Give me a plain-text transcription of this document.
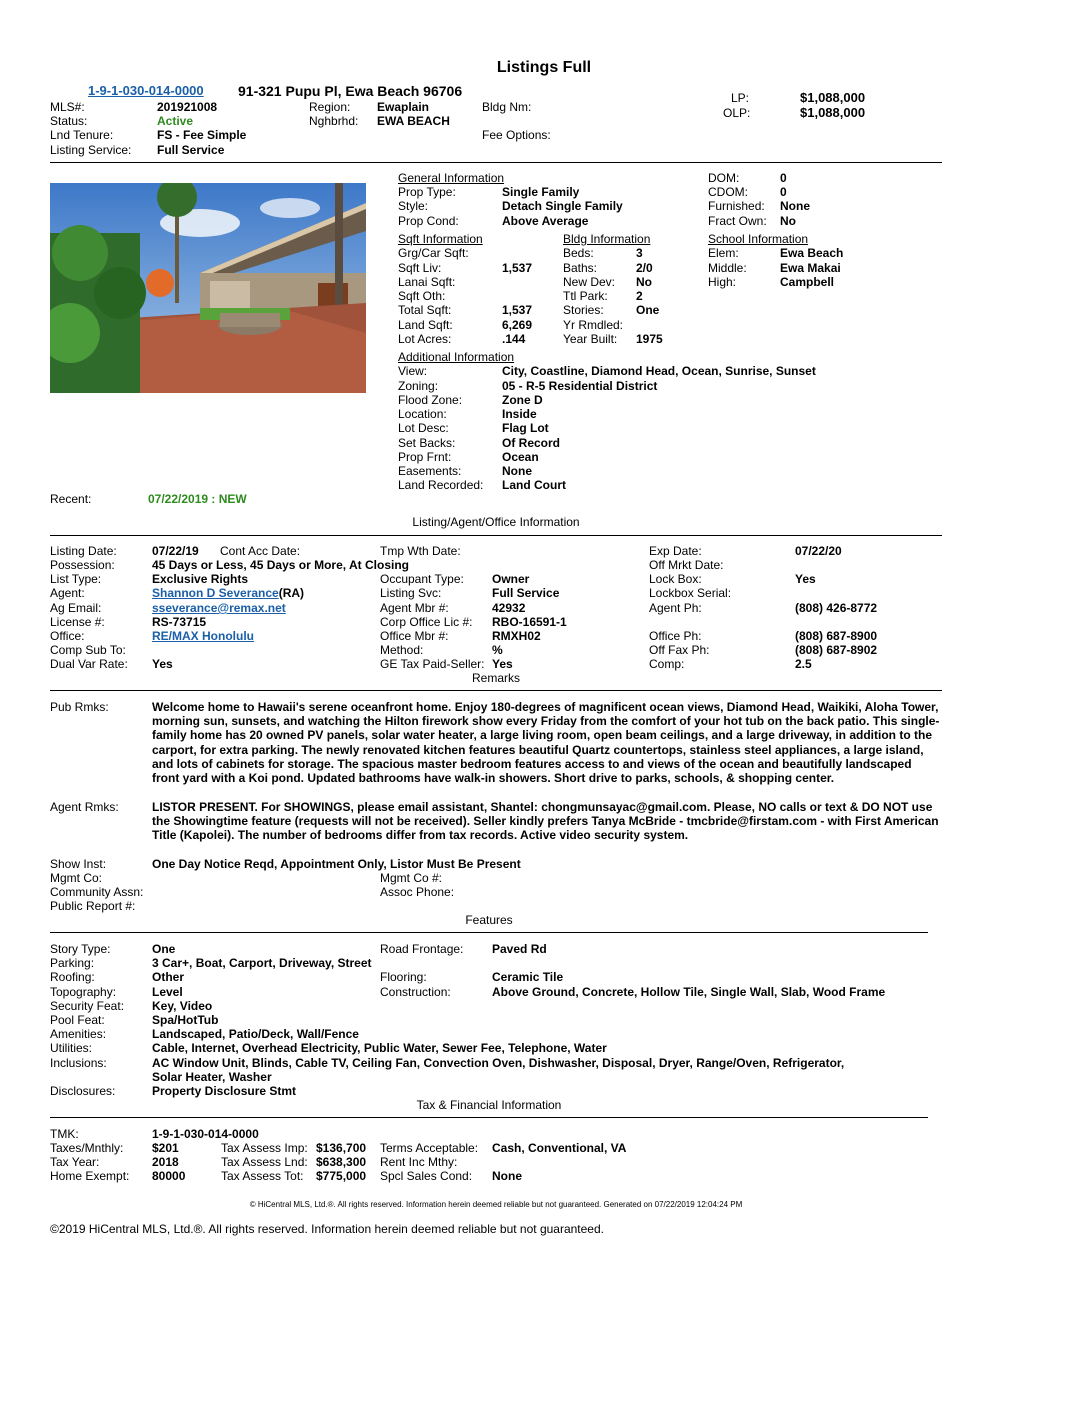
Listings Full
1-9-1-030-014-0000 91-321 Pupu Pl, Ewa Beach 96706
MLS#:	201921008
Status:	Active
Lnd Tenure:	FS - Fee Simple
Listing Service: Full Service
Region: Ewaplain
Nghbrhd: EWA BEACH
Bldg Nm:
Fee Options:
LP:	$1,088,000
OLP:	$1,088,000
General Information
Prop Type:	Single Family
Style:	Detach Single Family
Prop Cond:	Above Average
DOM:	0
CDOM:	0
Furnished: None
Fract Own: No
Sqft Information
Grg/Car Sqft:
Sqft Liv:	1,537
Lanai Sqft:
Sqft Oth:
Total Sqft:	1,537
Land Sqft:	6,269
Lot Acres:	.144
Bldg Information
Beds:	3
Baths:	2/0
New Dev: No
Ttl Park: 2
Stories:	One
Yr Rmdled:
Year Built: 1975
School Information
Elem:	Ewa Beach
Middle:	Ewa Makai
High:	Campbell
Additional Information
View:	City, Coastline, Diamond Head, Ocean, Sunrise, Sunset
Zoning:	05 - R-5 Residential District
Flood Zone:	Zone D
Location:	Inside
Lot Desc:	Flag Lot
Set Backs:	Of Record
Prop Frnt:	Ocean
Easements:	None
Land Recorded: Land Court
Recent:	07/22/2019 : NEW
Listing/Agent/Office Information
Listing Date:	07/22/19 Cont Acc Date:
Possession:	45 Days or Less, 45 Days or More, At Closing
List Type:	Exclusive Rights
Agent:	Shannon D Severance(RA)
Ag Email:	sseverance@remax.net
License #:	RS-73715
Office:	RE/MAX Honolulu
Comp Sub To:
Dual Var Rate: Yes
Tmp Wth Date:
Occupant Type: Owner
Listing Svc:	Full Service
Agent Mbr #:	42932
Corp Office Lic #: RBO-16591-1
Office Mbr #:	RMXH02
Method:	%
GE Tax Paid-Seller: Yes
Exp Date:	07/22/20
Off Mrkt Date:
Lock Box:	Yes
Lockbox Serial:
Agent Ph:	(808) 426-8772
Office Ph:	(808) 687-8900
Off Fax Ph:	(808) 687-8902
Comp:	2.5
Remarks
Pub Rmks:	Welcome home to Hawaii's serene oceanfront home. Enjoy 180-degrees of magnificent ocean views, Diamond Head, Waikiki, Aloha Tower, morning sun, sunsets, and watching the Hilton firework show every Friday from the comfort of your hot tub on the back patio. This single-family home has 20 owned PV panels, solar water heater, a large living room, open beam ceilings, and a large driveway, in addition to the carport, for extra parking. The newly renovated kitchen features beautiful Quartz countertops, stainless steel appliances, a large island, and lots of cabinets for storage. The spacious master bedroom features access to and views of the ocean and beautifully landscaped front yard with a Koi pond. Updated bathrooms have walk-in showers. Short drive to parks, schools, & shopping center.
Agent Rmks:	LISTOR PRESENT. For SHOWINGS, please email assistant, Shantel: chongmunsayac@gmail.com. Please, NO calls or text & DO NOT use the Showingtime feature (requests will not be received). Seller kindly prefers Tanya McBride - tmcbride@firstam.com - with First American Title (Kapolei). The number of bedrooms differ from tax records. Active video security system.
Show Inst:	One Day Notice Reqd, Appointment Only, Listor Must Be Present
Mgmt Co:
Community Assn:
Public Report #:
Mgmt Co #:
Assoc Phone:
Features
Story Type:	One
Parking:	3 Car+, Boat, Carport, Driveway, Street
Roofing:	Other
Topography:	Level
Security Feat: Key, Video
Pool Feat:	Spa/HotTub
Amenities:	Landscaped, Patio/Deck, Wall/Fence
Utilities:	Cable, Internet, Overhead Electricity, Public Water, Sewer Fee, Telephone, Water
Inclusions:	AC Window Unit, Blinds, Cable TV, Ceiling Fan, Convection Oven, Dishwasher, Disposal, Dryer, Range/Oven, Refrigerator, Solar Heater, Washer
Disclosures:	Property Disclosure Stmt
Road Frontage: Paved Rd
Flooring:	Ceramic Tile
Construction:	Above Ground, Concrete, Hollow Tile, Single Wall, Slab, Wood Frame
Tax & Financial Information
TMK:	1-9-1-030-014-0000
Taxes/Mnthly: $201
Tax Year:	2018
Home Exempt: 80000
Tax Assess Imp: $136,700
Tax Assess Lnd: $638,300
Tax Assess Tot: $775,000
Terms Acceptable: Cash, Conventional, VA
Rent Inc Mthy:
Spcl Sales Cond: None
© HiCentral MLS, Ltd.®. All rights reserved. Information herein deemed reliable but not guaranteed. Generated on 07/22/2019 12:04:24 PM
©2019 HiCentral MLS, Ltd.®. All rights reserved. Information herein deemed reliable but not guaranteed.
